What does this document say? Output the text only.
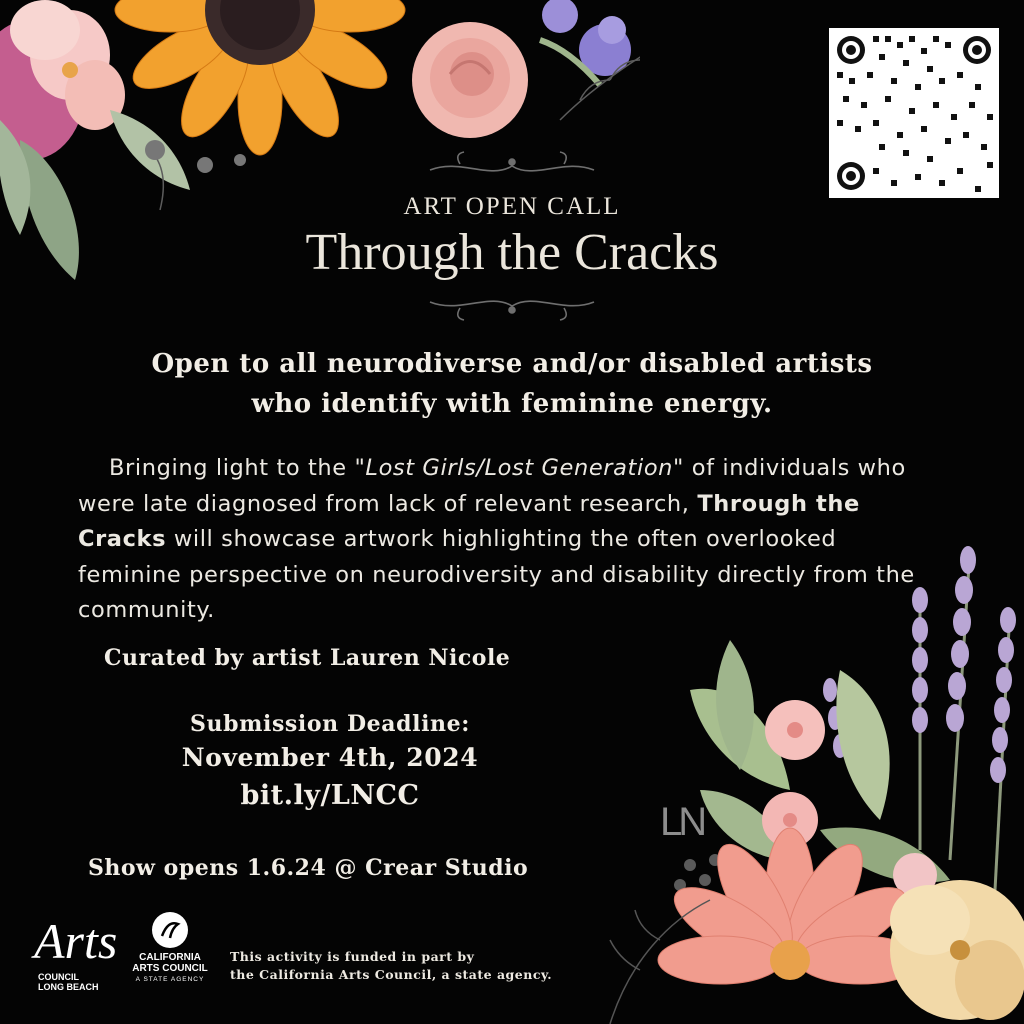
ART OPEN CALL
Through the Cracks
Open to all neurodiverse and/or disabled artists
who identify with feminine energy.
Bringing light to the "Lost Girls/Lost Generation" of individuals who were late diagnosed from lack of relevant research, Through the Cracks will showcase artwork highlighting the often overlooked feminine perspective on neurodiversity and disability directly from the community.
Curated by artist Lauren Nicole
Submission Deadline:
November 4th, 2024
bit.ly/LNCC
Show opens 1.6.24 @ Crear Studio
LN
Arts
COUNCIL
LONG BEACH
CALIFORNIA
ARTS COUNCIL
A STATE AGENCY
This activity is funded in part by
the California Arts Council, a state agency.
